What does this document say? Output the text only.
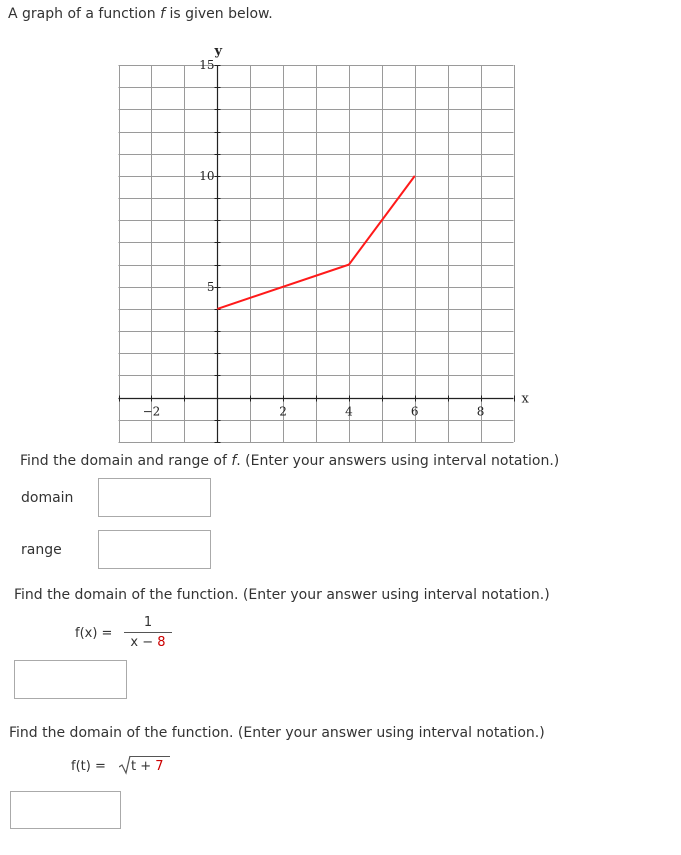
A graph of a function f is given below.
x
y
−2	2	4	6	8
5
10
15
Find the domain and range of f. (Enter your answers using interval notation.)
domain
range
Find the domain of the function. (Enter your answer using interval notation.)
f(x) =
1
x − 8
Find the domain of the function. (Enter your answer using interval notation.)
f(t) = t + 7
